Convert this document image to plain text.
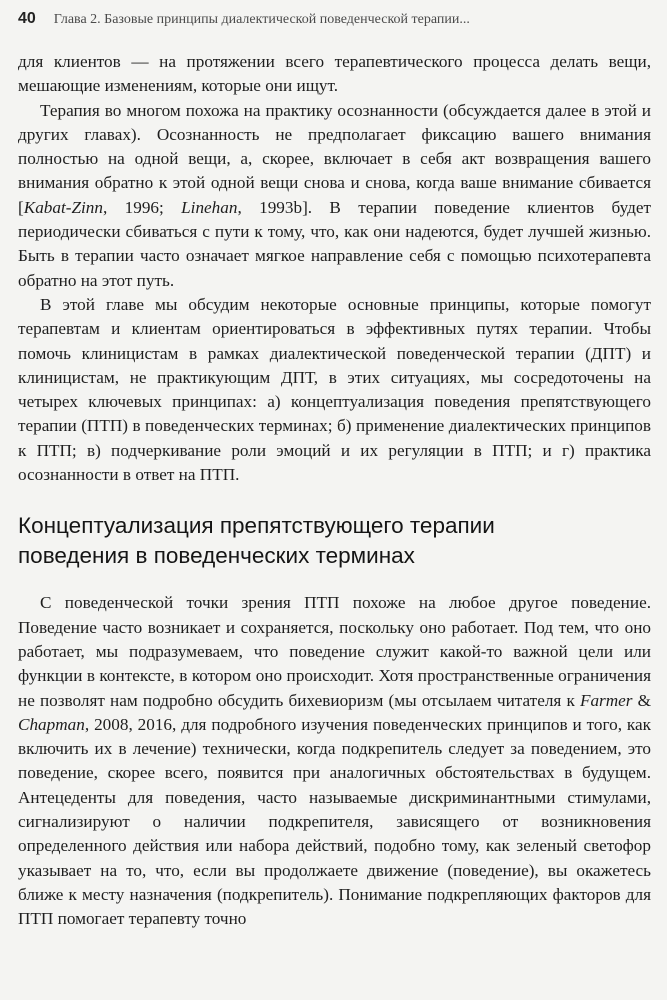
40 Глава 2. Базовые принципы диалектической поведенческой терапии...

для клиентов — на протяжении всего терапевтического процесса делать вещи, мешающие изменениям, которые они ищут.

Терапия во многом похожа на практику осознанности (обсуждается далее в этой и других главах). Осознанность не предполагает фиксацию вашего внимания полностью на одной вещи, а, скорее, включает в себя акт возвращения вашего внимания обратно к этой одной вещи снова и снова, когда ваше внимание сбивается [Kabat-Zinn, 1996; Linehan, 1993b]. В терапии поведение клиентов будет периодически сбиваться с пути к тому, что, как они надеются, будет лучшей жизнью. Быть в терапии часто означает мягкое направление себя с помощью психотерапевта обратно на этот путь.

В этой главе мы обсудим некоторые основные принципы, которые помогут терапевтам и клиентам ориентироваться в эффективных путях терапии. Чтобы помочь клиницистам в рамках диалектической поведенческой терапии (ДПТ) и клиницистам, не практикующим ДПТ, в этих ситуациях, мы сосредоточены на четырех ключевых принципах: а) концептуализация поведения препятствующего терапии (ПТП) в поведенческих терминах; б) применение диалектических принципов к ПТП; в) подчеркивание роли эмоций и их регуляции в ПТП; и г) практика осознанности в ответ на ПТП.

Концептуализация препятствующего терапии
поведения в поведенческих терминах

С поведенческой точки зрения ПТП похоже на любое другое поведение. Поведение часто возникает и сохраняется, поскольку оно работает. Под тем, что оно работает, мы подразумеваем, что поведение служит какой-то важной цели или функции в контексте, в котором оно происходит. Хотя пространственные ограничения не позволят нам подробно обсудить бихевиоризм (мы отсылаем читателя к Farmer & Chapman, 2008, 2016, для подробного изучения поведенческих принципов и того, как включить их в лечение) технически, когда подкрепитель следует за поведением, это поведение, скорее всего, появится при аналогичных обстоятельствах в будущем. Антецеденты для поведения, часто называемые дискриминантными стимулами, сигнализируют о наличии подкрепителя, зависящего от возникновения определенного действия или набора действий, подобно тому, как зеленый светофор указывает на то, что, если вы продолжаете движение (поведение), вы окажетесь ближе к месту назначения (подкрепитель). Понимание подкрепляющих факторов для ПТП помогает терапевту точно
